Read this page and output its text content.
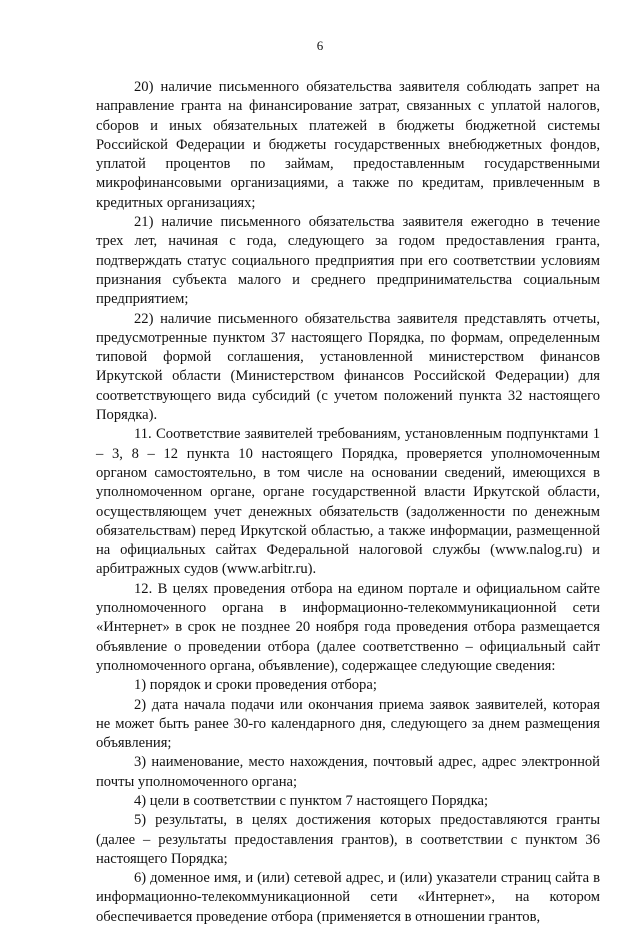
6

20) наличие письменного обязательства заявителя соблюдать запрет на направление гранта на финансирование затрат, связанных с уплатой налогов, сборов и иных обязательных платежей в бюджеты бюджетной системы Российской Федерации и бюджеты государственных внебюджетных фондов, уплатой процентов по займам, предоставленным государственными микрофинансовыми организациями, а также по кредитам, привлеченным в кредитных организациях;

21) наличие письменного обязательства заявителя ежегодно в течение трех лет, начиная с года, следующего за годом предоставления гранта, подтверждать статус социального предприятия при его соответствии условиям признания субъекта малого и среднего предпринимательства социальным предприятием;

22) наличие письменного обязательства заявителя представлять отчеты, предусмотренные пунктом 37 настоящего Порядка, по формам, определенным типовой формой соглашения, установленной министерством финансов Иркутской области (Министерством финансов Российской Федерации) для соответствующего вида субсидий (с учетом положений пункта 32 настоящего Порядка).

11. Соответствие заявителей требованиям, установленным подпунктами 1 – 3, 8 – 12 пункта 10 настоящего Порядка, проверяется уполномоченным органом самостоятельно, в том числе на основании сведений, имеющихся в уполномоченном органе, органе государственной власти Иркутской области, осуществляющем учет денежных обязательств (задолженности по денежным обязательствам) перед Иркутской областью, а также информации, размещенной на официальных сайтах Федеральной налоговой службы (www.nalog.ru) и арбитражных судов (www.arbitr.ru).

12. В целях проведения отбора на едином портале и официальном сайте уполномоченного органа в информационно-телекоммуникационной сети «Интернет» в срок не позднее 20 ноября года проведения отбора размещается объявление о проведении отбора (далее соответственно – официальный сайт уполномоченного органа, объявление), содержащее следующие сведения:

1) порядок и сроки проведения отбора;

2) дата начала подачи или окончания приема заявок заявителей, которая не может быть ранее 30-го календарного дня, следующего за днем размещения объявления;

3) наименование, место нахождения, почтовый адрес, адрес электронной почты уполномоченного органа;

4) цели в соответствии с пунктом 7 настоящего Порядка;

5) результаты, в целях достижения которых предоставляются гранты (далее – результаты предоставления грантов), в соответствии с пунктом 36 настоящего Порядка;

6) доменное имя, и (или) сетевой адрес, и (или) указатели страниц сайта в информационно-телекоммуникационной сети «Интернет», на котором обеспечивается проведение отбора (применяется в отношении грантов,
